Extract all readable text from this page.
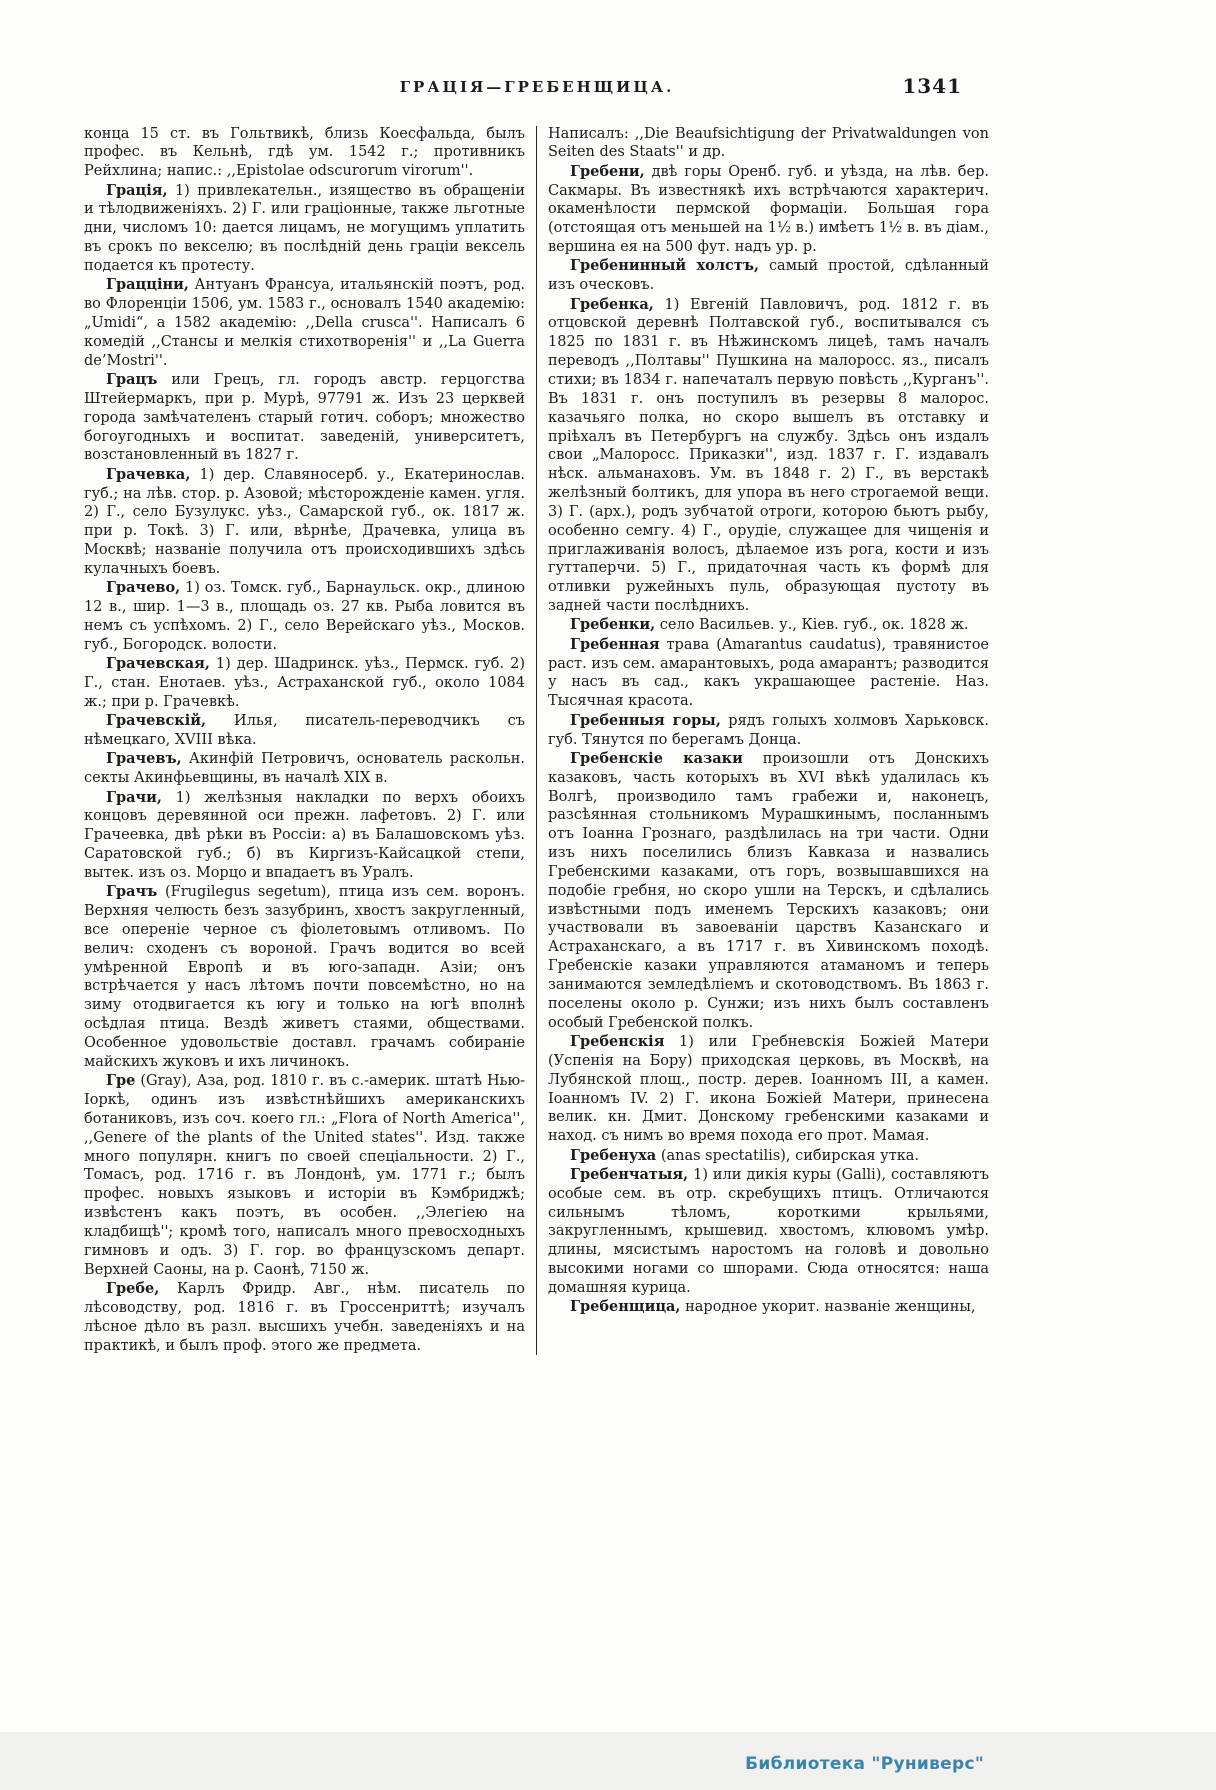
ГРАЦІЯ—ГРЕБЕНЩИЦА.	1341

конца 15 ст. въ Гольтвикѣ, близь Коесфальда, былъ профес. въ Кельнѣ, гдѣ ум. 1542 г.; противникъ Рейхлина; напис.: ,,Epistolae odscurorum virorum''.

Грація, 1) привлекательн., изящество въ обращеніи и тѣлодвиженіяхъ. 2) Г. или граціонные, также льготные дни, числомъ 10: дается лицамъ, не могущимъ уплатить въ срокъ по векселю; въ послѣдній день граціи вексель подается къ протесту.

Грацціни, Антуанъ Франсуа, итальянскій поэтъ, род. во Флоренціи 1506, ум. 1583 г., основалъ 1540 академію: „Umidi“, а 1582 академію: ,,Della crusca''. Написалъ 6 комедій ,,Стансы и мелкія стихотворенія'' и ,,La Guerra de’Mostri''.

Грацъ или Грецъ, гл. городъ австр. герцогства Штейермаркъ, при р. Мурѣ, 97791 ж. Изъ 23 церквей города замѣчателенъ старый готич. соборъ; множество богоугодныхъ и воспитат. заведеній, университетъ, возстановленный въ 1827 г.

Грачевка, 1) дер. Славяносерб. у., Екатеринослав. губ.; на лѣв. стор. р. Азовой; мѣсторожденіе камен. угля. 2) Г., село Бузулукс. уѣз., Самарской губ., ок. 1817 ж. при р. Токѣ. 3) Г. или, вѣрнѣе, Драчевка, улица въ Москвѣ; названіе получила отъ происходившихъ здѣсь кулачныхъ боевъ.

Грачево, 1) оз. Томск. губ., Барнаульск. окр., длиною 12 в., шир. 1—3 в., площадь оз. 27 кв. Рыба ловится въ немъ съ успѣхомъ. 2) Г., село Верейскаго уѣз., Москов. губ., Богородск. волости.

Грачевская, 1) дер. Шадринск. уѣз., Пермск. губ. 2) Г., стан. Енотаев. уѣз., Астраханской губ., около 1084 ж.; при р. Грачевкѣ.

Грачевскій, Илья, писатель-переводчикъ съ нѣмецкаго, XVIII вѣка.

Грачевъ, Акинфій Петровичъ, основатель раскольн. секты Акинфьевщины, въ началѣ XIX в.

Грачи, 1) желѣзныя накладки по верхъ обоихъ концовъ деревянной оси прежн. лафетовъ. 2) Г. или Грачеевка, двѣ рѣки въ Россіи: а) въ Балашовскомъ уѣз. Саратовской губ.; б) въ Киргизъ-Кайсацкой степи, вытек. изъ оз. Морцо и впадаетъ въ Уралъ.

Грачъ (Frugilegus segetum), птица изъ сем. воронъ. Верхняя челюсть безъ зазубринъ, хвостъ закругленный, все опереніе черное съ фіолетовымъ отливомъ. По велич: сходенъ съ вороной. Грачъ водится во всей умѣренной Европѣ и въ юго-западн. Азіи; онъ встрѣчается у насъ лѣтомъ почти повсемѣстно, но на зиму отодвигается къ югу и только на югѣ вполнѣ осѣдлая птица. Вездѣ живетъ стаями, обществами. Особенное удовольствіе доставл. грачамъ собираніе майскихъ жуковъ и ихъ личинокъ.

Гре (Gray), Аза, род. 1810 г. въ с.-америк. штатѣ Нью-Іоркѣ, одинъ изъ извѣстнѣйшихъ американскихъ ботаниковъ, изъ соч. коего гл.: „Flora of North America'', ,,Genere of the plants of the United states''. Изд. также много популярн. книгъ по своей спеціальности. 2) Г., Томасъ, род. 1716 г. въ Лондонѣ, ум. 1771 г.; былъ профес. новыхъ языковъ и исторіи въ Кэмбриджѣ; извѣстенъ какъ поэтъ, въ особен. ,,Элегіею на кладбищѣ''; кромѣ того, написалъ много превосходныхъ гимновъ и одъ. 3) Г. гор. во французскомъ департ. Верхней Саоны, на р. Саонѣ, 7150 ж.

Гребе, Карлъ Фридр. Авг., нѣм. писатель по лѣсоводству, род. 1816 г. въ Гроссенриттѣ; изучалъ лѣсное дѣло въ разл. высшихъ учебн. заведеніяхъ и на практикѣ, и былъ проф. этого же предмета.

Написалъ: ,,Die Beaufsichtigung der Privatwaldungen von Seiten des Staats'' и др.

Гребени, двѣ горы Оренб. губ. и уѣзда, на лѣв. бер. Сакмары. Въ известнякѣ ихъ встрѣчаются характерич. окаменѣлости пермской формаціи. Большая гора (отстоящая отъ меньшей на 1½ в.) имѣетъ 1½ в. въ діам., вершина ея на 500 фут. надъ ур. р.

Гребенинный холстъ, самый простой, сдѣланный изъ оческовъ.

Гребенка, 1) Евгеній Павловичъ, род. 1812 г. въ отцовской деревнѣ Полтавской губ., воспитывался съ 1825 по 1831 г. въ Нѣжинскомъ лицеѣ, тамъ началъ переводъ ,,Полтавы'' Пушкина на малоросс. яз., писалъ стихи; въ 1834 г. напечаталъ первую повѣсть ,,Курганъ''. Въ 1831 г. онъ поступилъ въ резервы 8 малорос. казачьяго полка, но скоро вышелъ въ отставку и пріѣхалъ въ Петербургъ на службу. Здѣсь онъ издалъ свои „Малоросс. Приказки'', изд. 1837 г. Г. издавалъ нѣск. альманаховъ. Ум. въ 1848 г. 2) Г., въ верстакѣ желѣзный болтикъ, для упора въ него строгаемой вещи. 3) Г. (арх.), родъ зубчатой отроги, которою бьютъ рыбу, особенно семгу. 4) Г., орудіе, служащее для чищенія и приглаживанія волосъ, дѣлаемое изъ рога, кости и изъ гуттаперчи. 5) Г., придаточная часть къ формѣ для отливки ружейныхъ пуль, образующая пустоту въ задней части послѣднихъ.

Гребенки, село Васильев. у., Кіев. губ., ок. 1828 ж.

Гребенная трава (Amarantus caudatus), травянистое раст. изъ сем. амарантовыхъ, рода амарантъ; разводится у насъ въ сад., какъ украшающее растеніе. Наз. Тысячная красота.

Гребенныя горы, рядъ голыхъ холмовъ Харьковск. губ. Тянутся по берегамъ Донца.

Гребенскіе казаки произошли отъ Донскихъ казаковъ, часть которыхъ въ XVI вѣкѣ удалилась къ Волгѣ, производило тамъ грабежи и, наконецъ, разсѣянная стольникомъ Мурашкинымъ, посланнымъ отъ Іоанна Грознаго, раздѣлилась на три части. Одни изъ нихъ поселились близъ Кавказа и назвались Гребенскими казаками, отъ горъ, возвышавшихся на подобіе гребня, но скоро ушли на Терскъ, и сдѣлались извѣстными подъ именемъ Терскихъ казаковъ; они участвовали въ завоеваніи царствъ Казанскаго и Астраханскаго, а въ 1717 г. въ Хивинскомъ походѣ. Гребенскіе казаки управляются атаманомъ и теперь занимаются земледѣліемъ и скотоводствомъ. Въ 1863 г. поселены около р. Сунжи; изъ нихъ былъ составленъ особый Гребенской полкъ.

Гребенскія 1) или Гребневскія Божіей Матери (Успенія на Бору) приходская церковь, въ Москвѣ, на Лубянской площ., постр. дерев. Іоанномъ III, а камен. Іоанномъ IV. 2) Г. икона Божіей Матери, принесена велик. кн. Дмит. Донскому гребенскими казаками и наход. съ нимъ во время похода его прот. Мамая.

Гребенуха (anas spectatilis), сибирская утка.

Гребенчатыя, 1) или дикія куры (Galli), составляютъ особые сем. въ отр. скребущихъ птицъ. Отличаются сильнымъ тѣломъ, короткими крыльями, закругленнымъ, крышевид. хвостомъ, клювомъ умѣр. длины, мясистымъ наростомъ на головѣ и довольно высокими ногами со шпорами. Сюда относятся: наша домашняя курица.

Гребенщица, народное укорит. названіе женщины,

Библиотека "Руниверс"
